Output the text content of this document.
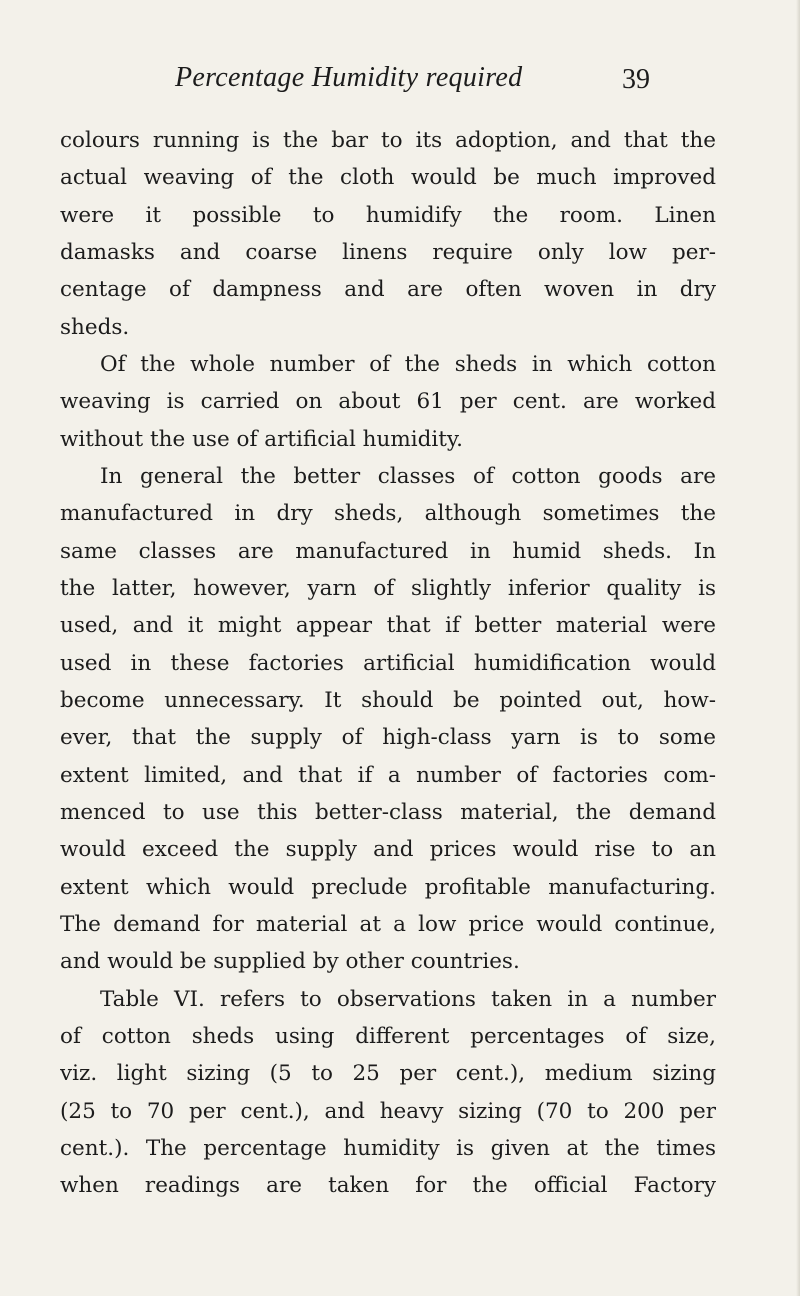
Percentage Humidity required	39
colours running is the bar to its adoption, and that the
actual weaving of the cloth would be much improved
were it possible to humidify the room. Linen
damasks and coarse linens require only low per-
centage of dampness and are often woven in dry
sheds.
Of the whole number of the sheds in which cotton
weaving is carried on about 61 per cent. are worked
without the use of artificial humidity.
In general the better classes of cotton goods are
manufactured in dry sheds, although sometimes the
same classes are manufactured in humid sheds. In
the latter, however, yarn of slightly inferior quality is
used, and it might appear that if better material were
used in these factories artificial humidification would
become unnecessary. It should be pointed out, how-
ever, that the supply of high-class yarn is to some
extent limited, and that if a number of factories com-
menced to use this better-class material, the demand
would exceed the supply and prices would rise to an
extent which would preclude profitable manufacturing.
The demand for material at a low price would continue,
and would be supplied by other countries.
Table VI. refers to observations taken in a number
of cotton sheds using different percentages of size,
viz. light sizing (5 to 25 per cent.), medium sizing
(25 to 70 per cent.), and heavy sizing (70 to 200 per
cent.). The percentage humidity is given at the times
when readings are taken for the official Factory
